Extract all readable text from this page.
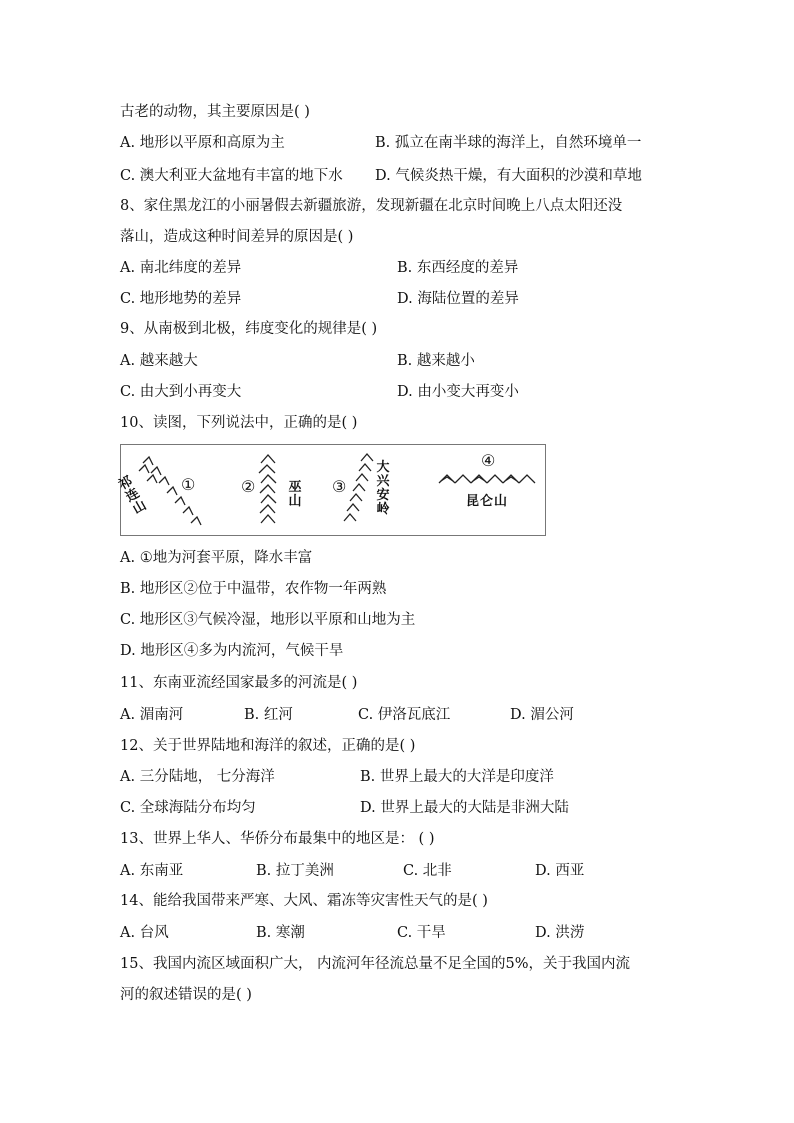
古老的动物，其主要原因是( )
A. 地形以平原和高原为主	B. 孤立在南半球的海洋上，自然环境单一
C. 澳大利亚大盆地有丰富的地下水 D. 气候炎热干燥，有大面积的沙漠和草地
8、家住黑龙江的小丽暑假去新疆旅游，发现新疆在北京时间晚上八点太阳还没
落山，造成这种时间差异的原因是( )
A. 南北纬度的差异	B. 东西经度的差异
C. 地形地势的差异	D. 海陆位置的差异
9、从南极到北极，纬度变化的规律是( )
A. 越来越大	B. 越来越小
C. 由大到小再变大	D. 由小变大再变小
10、读图，下列说法中，正确的是( )
①
祁连山
②	巫山
③
大兴安岭
④
昆仑山
A. ①地为河套平原，降水丰富
B. 地形区②位于中温带，农作物一年两熟
C. 地形区③气候冷湿，地形以平原和山地为主
D. 地形区④多为内流河，气候干旱
11、东南亚流经国家最多的河流是( )
A. 湄南河	B. 红河	C. 伊洛瓦底江	D. 湄公河
12、关于世界陆地和海洋的叙述，正确的是( )
A. 三分陆地， 七分海洋	B. 世界上最大的大洋是印度洋
C. 全球海陆分布均匀	D. 世界上最大的大陆是非洲大陆
13、世界上华人、华侨分布最集中的地区是： ( )
A. 东南亚	B. 拉丁美洲	C. 北非	D. 西亚
14、能给我国带来严寒、大风、霜冻等灾害性天气的是( )
A. 台风	B. 寒潮	C. 干旱	D. 洪涝
15、我国内流区域面积广大， 内流河年径流总量不足全国的5%，关于我国内流
河的叙述错误的是( )
